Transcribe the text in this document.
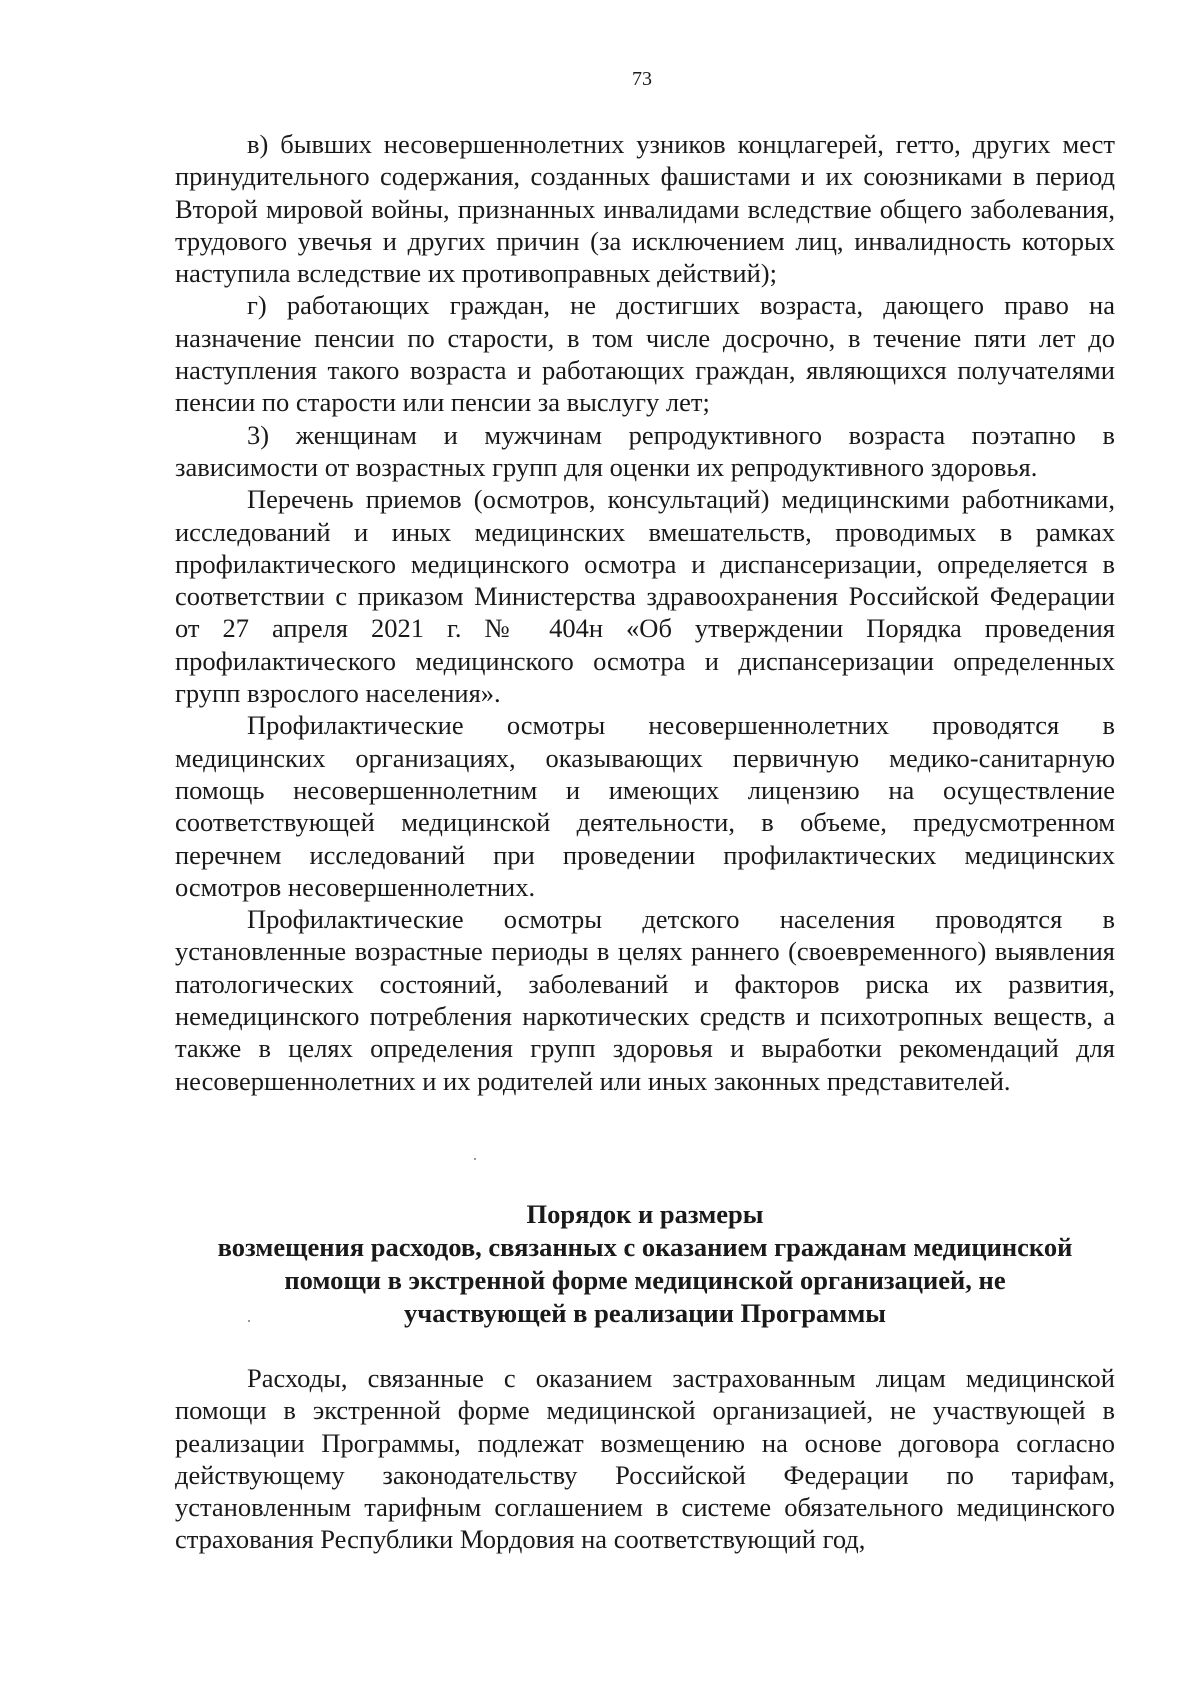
73

в) бывших несовершеннолетних узников концлагерей, гетто, других мест принудительного содержания, созданных фашистами и их союзниками в период Второй мировой войны, признанных инвалидами вследствие общего заболевания, трудового увечья и других причин (за исключением лиц, инвалидность которых наступила вследствие их противоправных действий);

г) работающих граждан, не достигших возраста, дающего право на назначение пенсии по старости, в том числе досрочно, в течение пяти лет до наступления такого возраста и работающих граждан, являющихся получателями пенсии по старости или пенсии за выслугу лет;

3) женщинам и мужчинам репродуктивного возраста поэтапно в зависимости от возрастных групп для оценки их репродуктивного здоровья.

Перечень приемов (осмотров, консультаций) медицинскими работниками, исследований и иных медицинских вмешательств, проводимых в рамках профилактического медицинского осмотра и диспансеризации, определяется в соответствии с приказом Министерства здравоохранения Российской Федерации от 27 апреля 2021 г. № 404н «Об утверждении Порядка проведения профилактического медицинского осмотра и диспансеризации определенных групп взрослого населения».

Профилактические осмотры несовершеннолетних проводятся в медицинских организациях, оказывающих первичную медико-санитарную помощь несовершеннолетним и имеющих лицензию на осуществление соответствующей медицинской деятельности, в объеме, предусмотренном перечнем исследований при проведении профилактических медицинских осмотров несовершеннолетних.

Профилактические осмотры детского населения проводятся в установленные возрастные периоды в целях раннего (своевременного) выявления патологических состояний, заболеваний и факторов риска их развития, немедицинского потребления наркотических средств и психотропных веществ, а также в целях определения групп здоровья и выработки рекомендаций для несовершеннолетних и их родителей или иных законных представителей.

Порядок и размеры
возмещения расходов, связанных с оказанием гражданам медицинской
помощи в экстренной форме медицинской организацией, не
участвующей в реализации Программы

Расходы, связанные с оказанием застрахованным лицам медицинской помощи в экстренной форме медицинской организацией, не участвующей в реализации Программы, подлежат возмещению на основе договора согласно действующему законодательству Российской Федерации по тарифам, установленным тарифным соглашением в системе обязательного медицинского страхования Республики Мордовия на соответствующий год,
